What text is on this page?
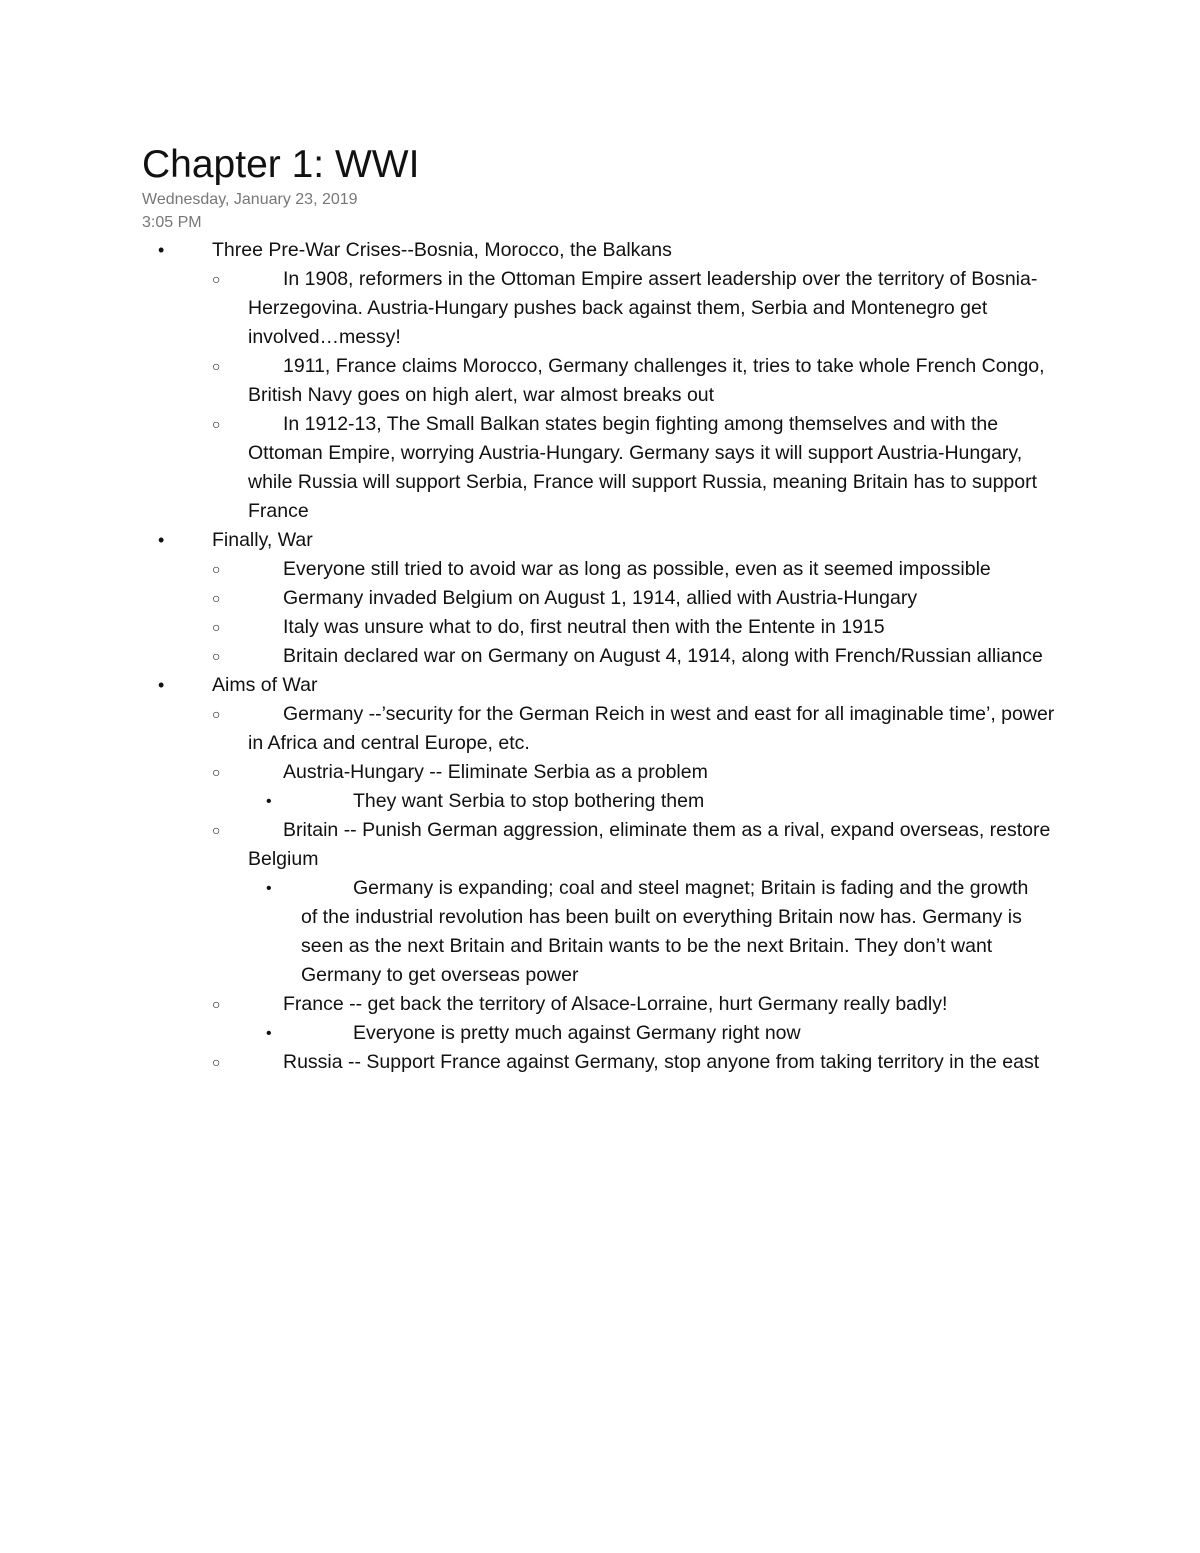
Chapter 1: WWI
Wednesday, January 23, 2019
3:05 PM
• Three Pre-War Crises--Bosnia, Morocco, the Balkans
○	In 1908, reformers in the Ottoman Empire assert leadership over the territory of Bosnia-Herzegovina. Austria-Hungary pushes back against them, Serbia and Montenegro get involved…messy!
○	1911, France claims Morocco, Germany challenges it, tries to take whole French Congo, British Navy goes on high alert, war almost breaks out
○	In 1912-13, The Small Balkan states begin fighting among themselves and with the Ottoman Empire, worrying Austria-Hungary. Germany says it will support Austria-Hungary, while Russia will support Serbia, France will support Russia, meaning Britain has to support France
• Finally, War
○	Everyone still tried to avoid war as long as possible, even as it seemed impossible
○	Germany invaded Belgium on August 1, 1914, allied with Austria-Hungary
○	Italy was unsure what to do, first neutral then with the Entente in 1915
○	Britain declared war on Germany on August 4, 1914, along with French/Russian alliance
• Aims of War
○	Germany --’security for the German Reich in west and east for all imaginable time’, power in Africa and central Europe, etc.
○	Austria-Hungary -- Eliminate Serbia as a problem
•	They want Serbia to stop bothering them
○	Britain -- Punish German aggression, eliminate them as a rival, expand overseas, restore Belgium
•	Germany is expanding; coal and steel magnet; Britain is fading and the growth of the industrial revolution has been built on everything Britain now has. Germany is seen as the next Britain and Britain wants to be the next Britain. They don’t want Germany to get overseas power
○	France -- get back the territory of Alsace-Lorraine, hurt Germany really badly!
•	Everyone is pretty much against Germany right now
○	Russia -- Support France against Germany, stop anyone from taking territory in the east
